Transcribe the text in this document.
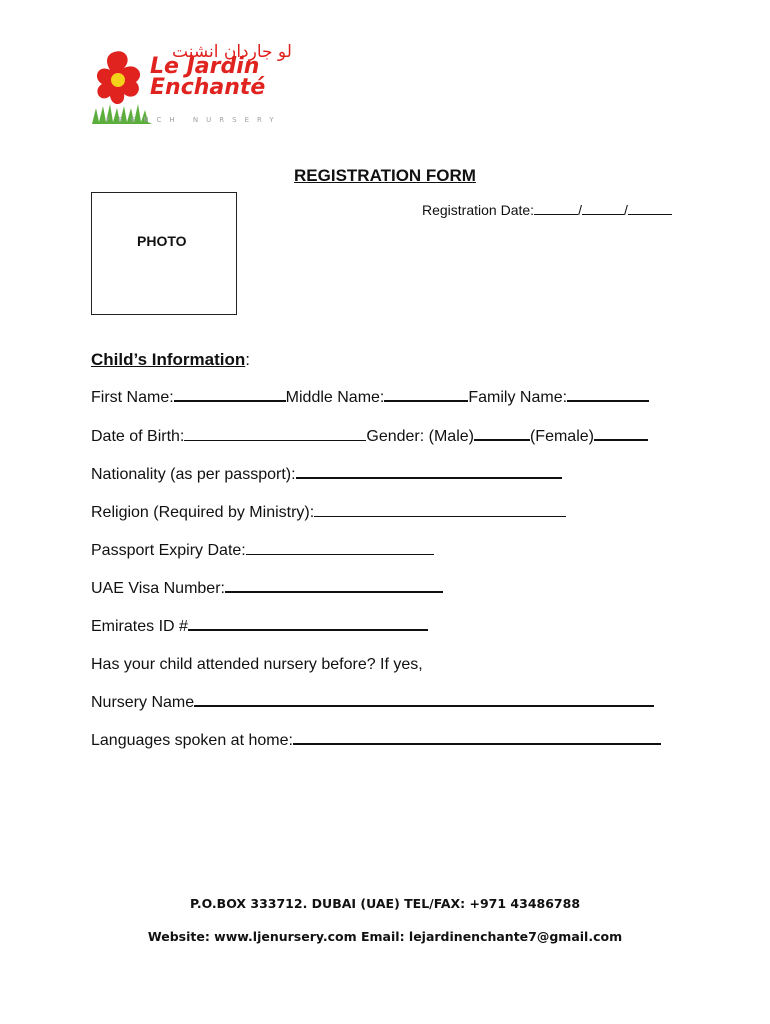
لو جاردان انشنت
Le Jardin
Enchanté
FRENCH NURSERY
REGISTRATION FORM
Registration Date:	/	/
PHOTO
Child’s Information:
First Name:	Middle Name:	Family Name:
Date of Birth:	Gender: (Male)	(Female)
Nationality (as per passport):
Religion (Required by Ministry):
Passport Expiry Date:
UAE Visa Number:
Emirates ID #
Has your child attended nursery before? If yes,
Nursery Name
Languages spoken at home:
P.O.BOX 333712. DUBAI (UAE) TEL/FAX: +971 43486788
Website: www.ljenursery.com Email: lejardinenchante7@gmail.com
